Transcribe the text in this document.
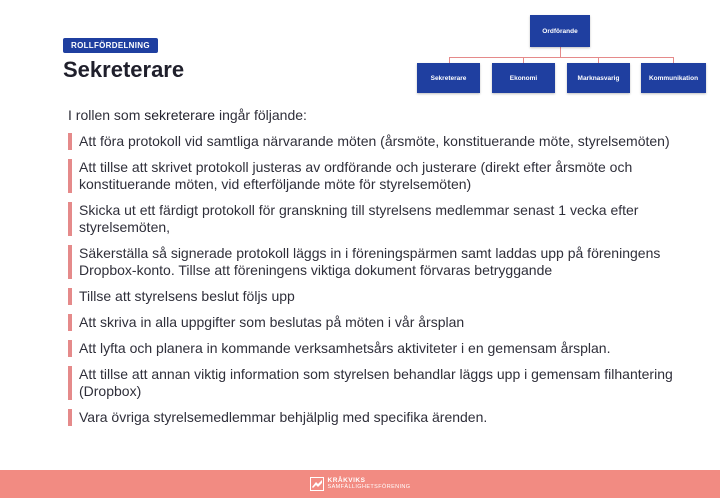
ROLLFÖRDELNING
Sekreterare
Ordförande
Sekreterare	Ekonomi	Marknasvarig	Kommunikation
I rollen som sekreterare ingår följande:
Att föra protokoll vid samtliga närvarande möten (årsmöte, konstituerande möte, styrelsemöten)
Att tillse att skrivet protokoll justeras av ordförande och justerare (direkt efter årsmöte och konstituerande möten, vid efterföljande möte för styrelsemöten)
Skicka ut ett färdigt protokoll för granskning till styrelsens medlemmar senast 1 vecka efter styrelsemöten,
Säkerställa så signerade protokoll läggs in i föreningspärmen samt laddas upp på föreningens Dropbox-konto. Tillse att föreningens viktiga dokument förvaras betryggande
Tillse att styrelsens beslut följs upp
Att skriva in alla uppgifter som beslutas på möten i vår årsplan
Att lyfta och planera in kommande verksamhetsårs aktiviteter i en gemensam årsplan.
Att tillse att annan viktig information som styrelsen behandlar läggs upp i gemensam filhantering (Dropbox)
Vara övriga styrelsemedlemmar behjälplig med specifika ärenden.
KRÅKVIKS
SAMFÄLLIGHETSFÖRENING
